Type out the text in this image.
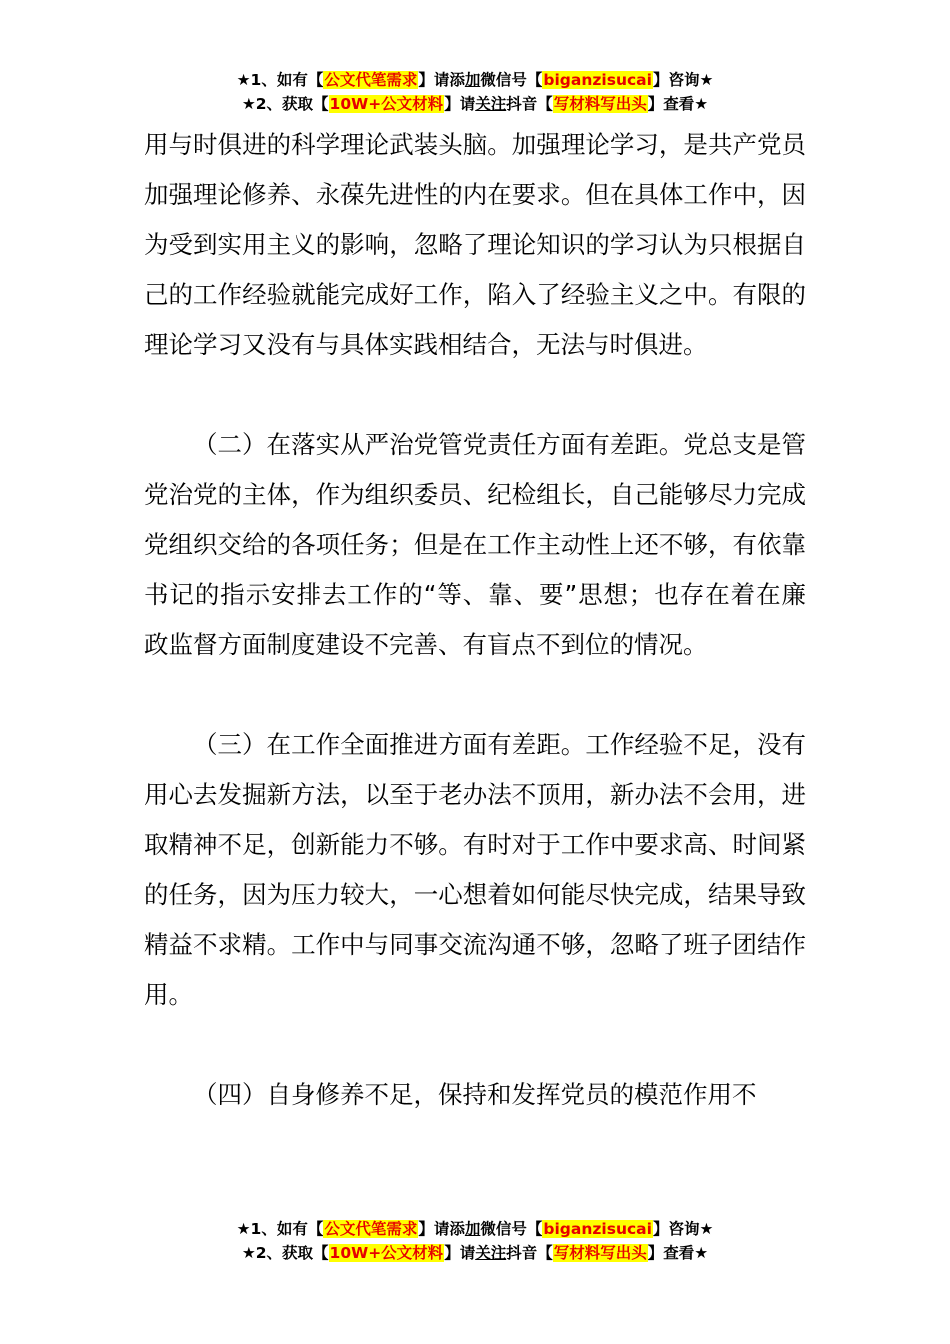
★1、如有【公文代笔需求】请添加微信号【biganzisucai】咨询★
★2、获取【10W+公文材料】请关注抖音【写材料写出头】查看★

用与时俱进的科学理论武装头脑。加强理论学习，是共产党员加强理论修养、永葆先进性的内在要求。但在具体工作中，因为受到实用主义的影响，忽略了理论知识的学习认为只根据自己的工作经验就能完成好工作，陷入了经验主义之中。有限的理论学习又没有与具体实践相结合，无法与时俱进。

（二）在落实从严治党管党责任方面有差距。党总支是管党治党的主体，作为组织委员、纪检组长，自己能够尽力完成党组织交给的各项任务；但是在工作主动性上还不够，有依靠书记的指示安排去工作的“等、靠、要”思想；也存在着在廉政监督方面制度建设不完善、有盲点不到位的情况。

（三）在工作全面推进方面有差距。工作经验不足，没有用心去发掘新方法，以至于老办法不顶用，新办法不会用，进取精神不足，创新能力不够。有时对于工作中要求高、时间紧的任务，因为压力较大，一心想着如何能尽快完成，结果导致精益不求精。工作中与同事交流沟通不够，忽略了班子团结作用。

（四）自身修养不足，保持和发挥党员的模范作用不

★1、如有【公文代笔需求】请添加微信号【biganzisucai】咨询★
★2、获取【10W+公文材料】请关注抖音【写材料写出头】查看★
